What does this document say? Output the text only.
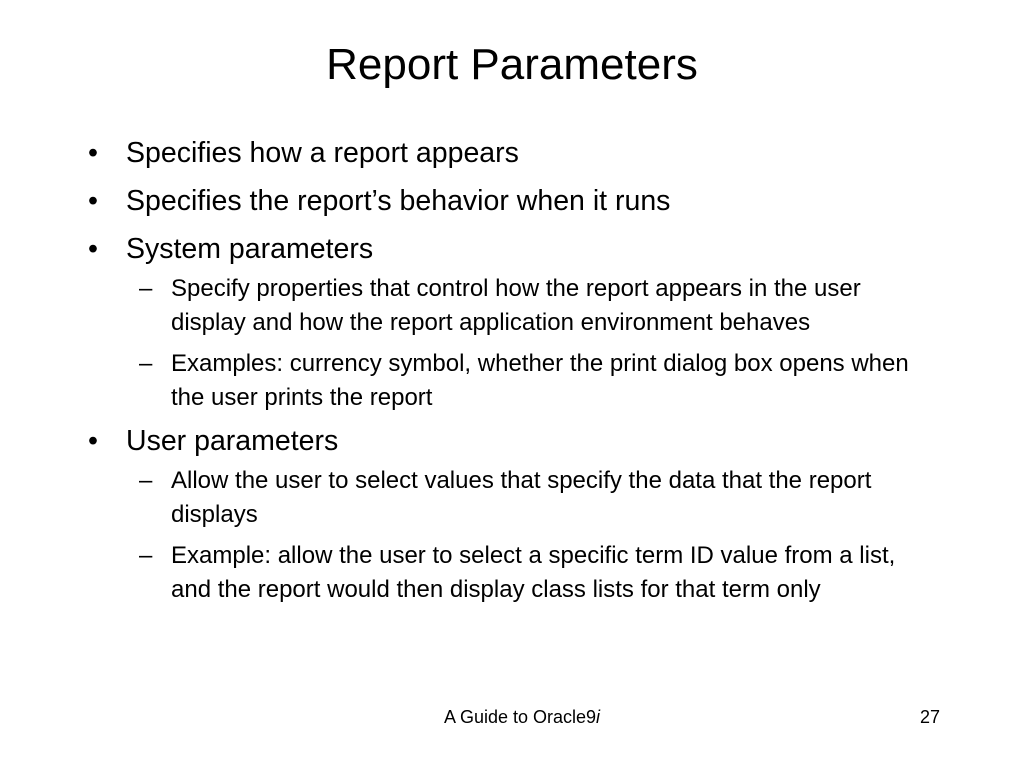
Report Parameters
• Specifies how a report appears
• Specifies the report’s behavior when it runs
• System parameters
– Specify properties that control how the report appears in the user display and how the report application environment behaves
– Examples: currency symbol, whether the print dialog box opens when the user prints the report
• User parameters
– Allow the user to select values that specify the data that the report displays
– Example: allow the user to select a specific term ID value from a list, and the report would then display class lists for that term only
A Guide to Oracle9i	27
